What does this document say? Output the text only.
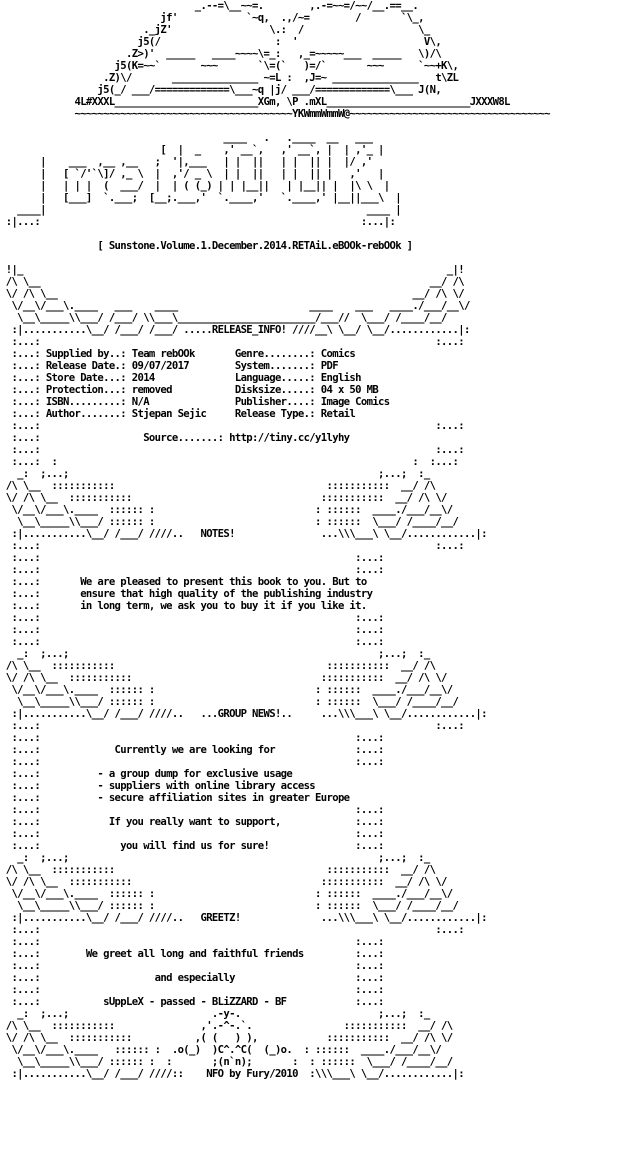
_.--=\__~~=.        ,.-=~~=/~~/__.==__.
jf'            `~q,  .,/~=        /       `\_,
._jZ'                 \.:  /                    \_
j5(/                    :  '                      V\,
.Z>)'  _____   ____~~~~\=_:   ,_=~~~~~___  _____   \)/\
j5(K=~~`       ~~~       `\=(`   )=/`       ~~~      `~~+K\,
.Z)\/       _______________ ~=L :  ,J=~ _______________   t\ZL
j5(_/ ___/=============\___~q |j/ ___/=============\___ J(N,
4L#XXXL_________________________XGm, \P .mXL_________________________JXXXW8L
~~~~~~~~~~~~~~~~~~~~~~~~~~~~~~~~~~~~~~YKWmmWmmW@~~~~~~~~~~~~~~~~~~~~~~~~~~~~~~~~~~~

____   .   .____  __   ___
[  |  _    ,' __`,   ,' __`, |  | ,'_ |
|    ___  ,__ ,__   ;  '|,___   | |  ||   | |  || |  |/ ,'
|   [ `/'`\]/ ,_ \  |  ,'/ _ \  | |  ||   | |  || |   ,'   |
|   | | |  (  ___/  |  | ( (_) | | |__||   | |__|| |  |\ \  |
|   [___]  `.___;  [__;.___,'  `.____,'   `.____,' |__||___\  |
____|                                                        ____ |
:|...:                                                        :...|:

[ Sunstone.Volume.1.December.2014.RETAiL.eBOOk-rebOOk ]

!|_                                                                          _|!
/\ \__                                                                    __/ /\
\/ /\ \__                                                              __/ /\ \/
\/__\/___\.____   ___    ____                       ____    ___   ____./___/__\/
\__\_____\\___/ /___/ \\___\________________________/___//  \___/ /____/__/
:|...........\__/ /___/ /___/ .....RELEASE_INFO! ////__\ \__/ \__/............|:
:...:                                                                     :...:
:...: Supplied by..: Team rebOOk       Genre........: Comics
:...: Release Date.: 09/07/2017        System.......: PDF
:...: Store Date...: 2014              Language.....: English
:...: Protection...: removed           Disksize.....: 04 x 50 MB
:...: ISBN.........: N/A               Publisher....: Image Comics
:...: Author.......: Stjepan Sejic     Release Type.: Retail
:...:                                                                     :...:
:...:                  Source.......: http://tiny.cc/y1lyhy
:...:                                                                     :...:
:...:  :                                                              :  :...:
_:  ;...;                                                      ;...;  :_
/\ \__  :::::::::::                                     :::::::::::  __/ /\
\/ /\ \__  :::::::::::                                 :::::::::::  __/ /\ \/
\/__\/___\.____  :::::: :                            : ::::::  ____./___/__\/
\__\_____\\___/ :::::: :                            : ::::::  \___/ /____/__/
:|...........\__/ /___/ ////..   NOTES!               ...\\\___\ \__/............|:
:...:                                                                     :...:
:...:                                                       :...:
:...:                                                       :...:
:...:       We are pleased to present this book to you. But to
:...:       ensure that high quality of the publishing industry
:...:       in long term, we ask you to buy it if you like it.
:...:                                                       :...:
:...:                                                       :...:
:...:                                                       :...:
_:  ;...;                                                      ;...;  :_
/\ \__  :::::::::::                                     :::::::::::  __/ /\
\/ /\ \__  :::::::::::                                 :::::::::::  __/ /\ \/
\/__\/___\.____  :::::: :                            : ::::::  ____./___/__\/
\__\_____\\___/ :::::: :                            : ::::::  \___/ /____/__/
:|...........\__/ /___/ ////..   ...GROUP NEWS!..     ...\\\___\ \__/............|:
:...:                                                                     :...:
:...:                                                       :...:
:...:             Currently we are looking for              :...:
:...:                                                       :...:
:...:          - a group dump for exclusive usage
:...:          - suppliers with online library access
:...:          - secure affiliation sites in greater Europe
:...:                                                       :...:
:...:            If you really want to support,             :...:
:...:                                                       :...:
:...:              you will find us for sure!               :...:
_:  ;...;                                                      ;...;  :_
/\ \__  :::::::::::                                     :::::::::::  __/ /\
\/ /\ \__  :::::::::::                                 :::::::::::  __/ /\ \/
\/__\/___\.____  :::::: :                            : ::::::  ____./___/__\/
\__\_____\\___/ :::::: :                            : ::::::  \___/ /____/__/
:|...........\__/ /___/ ////..   GREETZ!              ...\\\___\ \__/............|:
:...:                                                                     :...:
:...:                                                       :...:
:...:        We greet all long and faithful friends         :...:
:...:                                                       :...:
:...:                    and especially                     :...:
:...:                                                       :...:
:...:           sUppLeX - passed - BLiZZARD - BF            :...:
_:  ;...;                         .-y-.                        ;...;  :_
/\ \__  :::::::::::               ,'.-^-.`.                :::::::::::  __/ /\
\/ /\ \__  :::::::::::           ,( (   ) ),            :::::::::::  __/ /\ \/
\/__\/___\.____   :::::: :  .o(_)  )C^.^C(  (_)o.  : ::::::  ____./___/__\/
\__\_____\\___/ :::::: :  :       ;(n`n);       :  : ::::::  \___/ /____/__/
:|...........\__/ /___/ ////::    NFO by Fury/2010  :\\\___\ \__/............|:
